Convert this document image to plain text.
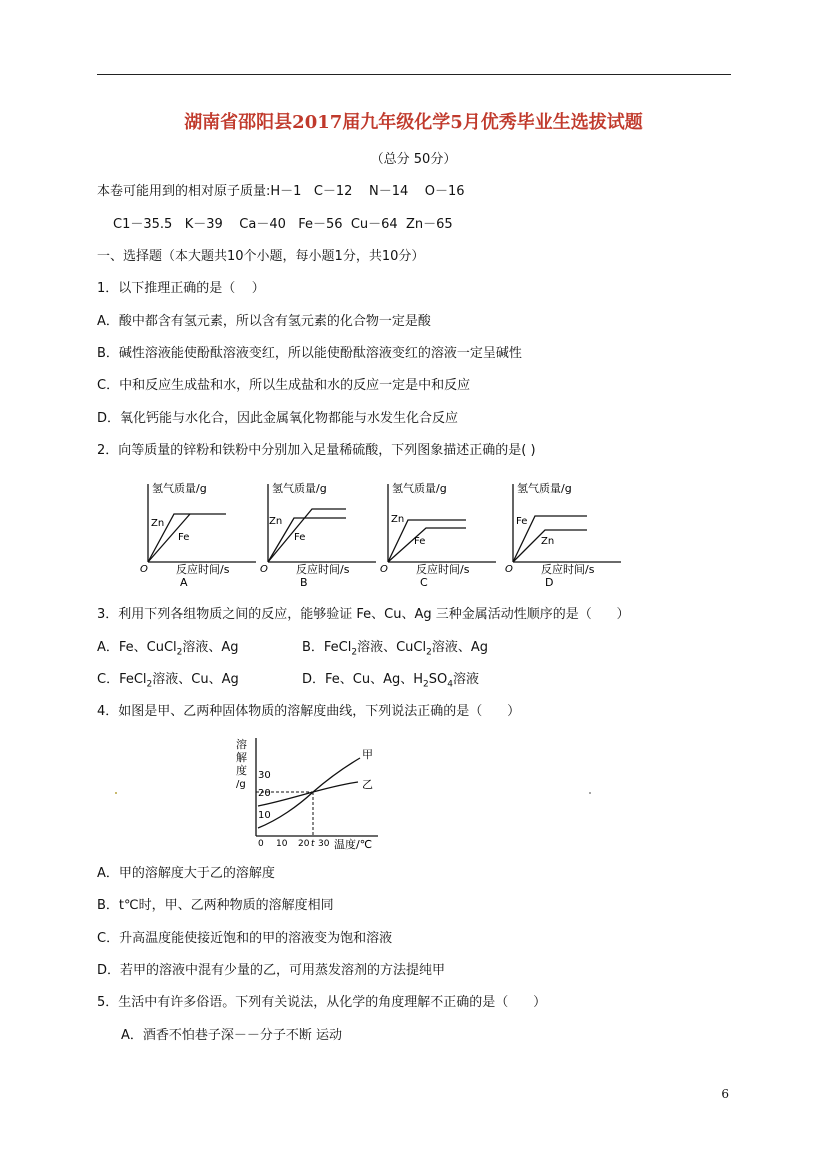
湖南省邵阳县2017届九年级化学5月优秀毕业生选拔试题
（总分 50分）
本卷可能用到的相对原子质量:H－1   C－12    N－14    O－16
C1－35.5   K－39    Ca－40   Fe－56  Cu－64  Zn－65
一、选择题（本大题共10个小题，每小题1分，共10分）
1．以下推理正确的是（    ）
A．酸中都含有氢元素，所以含有氢元素的化合物一定是酸
B．碱性溶液能使酚酞溶液变红，所以能使酚酞溶液变红的溶液一定呈碱性
C．中和反应生成盐和水，所以生成盐和水的反应一定是中和反应
D．氧化钙能与水化合，因此金属氧化物都能与水发生化合反应
2．向等质量的锌粉和铁粉中分别加入足量稀硫酸，下列图象描述正确的是( )
氢气质量/g
Zn
Fe
O	反应时间/s
A
氢气质量/g
Zn
Fe
O	反应时间/s
B
氢气质量/g
Zn
Fe
O	反应时间/s
C
氢气质量/g
Fe
Zn
O	反应时间/s
D
3．利用下列各组物质之间的反应，能够验证 Fe、Cu、Ag 三种金属活动性顺序的是（      ）
A．Fe、CuCl$_2$溶液、Ag	B．FeCl$_2$溶液、CuCl$_2$溶液、Ag
C．FeCl$_2$溶液、Cu、Ag	D．Fe、Cu、Ag、$H_2SO_4$溶液
4．如图是甲、乙两种固体物质的溶解度曲线，下列说法正确的是（      ）
溶
解
度
/g
30
20
10
0 10 20 t 30 温度/℃
甲
乙
A．甲的溶解度大于乙的溶解度
B．t℃时，甲、乙两种物质的溶解度相同
C．升高温度能使接近饱和的甲的溶液变为饱和溶液
D．若甲的溶液中混有少量的乙，可用蒸发溶剂的方法提纯甲
5．生活中有许多俗语。下列有关说法，从化学的角度理解不正确的是（      ）
A．酒香不怕巷子深－－分子不断 运动
6
